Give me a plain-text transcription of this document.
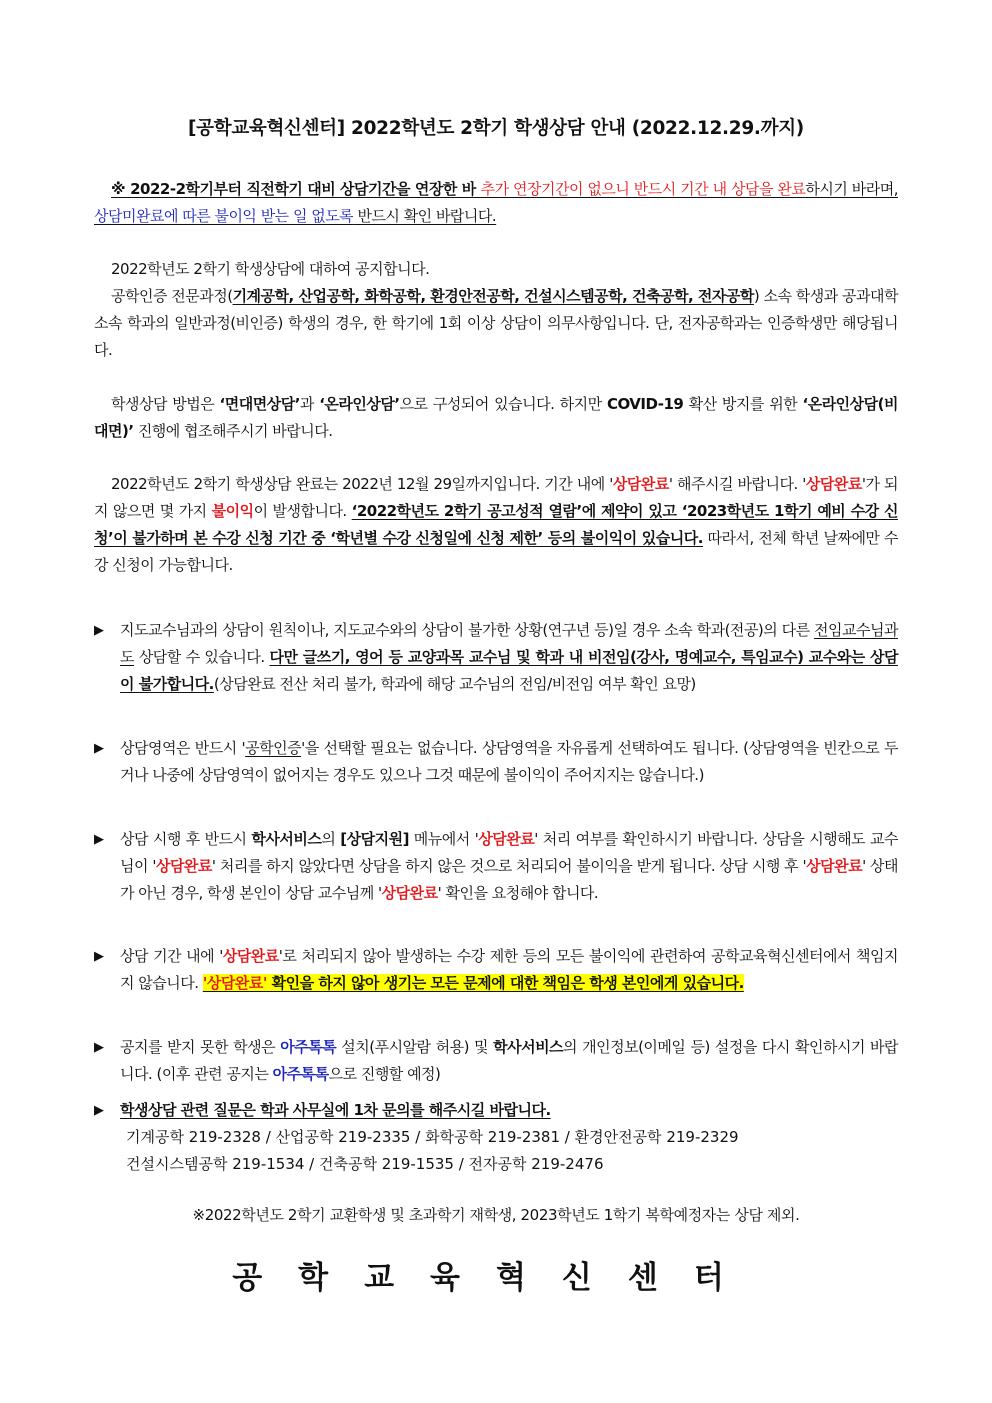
[공학교육혁신센터] 2022학년도 2학기 학생상담 안내 (2022.12.29.까지)
※ 2022-2학기부터 직전학기 대비 상담기간을 연장한 바 추가 연장기간이 없으니 반드시 기간 내 상담을 완료하시기 바라며, 상담미완료에 따른 불이익 받는 일 없도록 반드시 확인 바랍니다.
2022학년도 2학기 학생상담에 대하여 공지합니다.
공학인증 전문과정(기계공학, 산업공학, 화학공학, 환경안전공학, 건설시스템공학, 건축공학, 전자공학) 소속 학생과 공과대학 소속 학과의 일반과정(비인증) 학생의 경우, 한 학기에 1회 이상 상담이 의무사항입니다. 단, 전자공학과는 인증학생만 해당됩니다.
학생상담 방법은 ‘면대면상담’과 ‘온라인상담’으로 구성되어 있습니다. 하지만 COVID-19 확산 방지를 위한 ‘온라인상담(비대면)’ 진행에 협조해주시기 바랍니다.
2022학년도 2학기 학생상담 완료는 2022년 12월 29일까지입니다. 기간 내에 '상담완료' 해주시길 바랍니다. '상담완료'가 되지 않으면 몇 가지 불이익이 발생합니다. ‘2022학년도 2학기 공고성적 열람’에 제약이 있고 ‘2023학년도 1학기 예비 수강 신청’이 불가하며 본 수강 신청 기간 중 ‘학년별 수강 신청일에 신청 제한’ 등의 불이익이 있습니다. 따라서, 전체 학년 날짜에만 수강 신청이 가능합니다.
▶	지도교수님과의 상담이 원칙이나, 지도교수와의 상담이 불가한 상황(연구년 등)일 경우 소속 학과(전공)의 다른 전임교수님과도 상담할 수 있습니다. 다만 글쓰기, 영어 등 교양과목 교수님 및 학과 내 비전임(강사, 명예교수, 특임교수) 교수와는 상담이 불가합니다.(상담완료 전산 처리 불가, 학과에 해당 교수님의 전임/비전임 여부 확인 요망)
▶	상담영역은 반드시 '공학인증'을 선택할 필요는 없습니다. 상담영역을 자유롭게 선택하여도 됩니다. (상담영역을 빈칸으로 두거나 나중에 상담영역이 없어지는 경우도 있으나 그것 때문에 불이익이 주어지지는 않습니다.)
▶	상담 시행 후 반드시 학사서비스의 [상담지원] 메뉴에서 '상담완료' 처리 여부를 확인하시기 바랍니다. 상담을 시행해도 교수님이 '상담완료' 처리를 하지 않았다면 상담을 하지 않은 것으로 처리되어 불이익을 받게 됩니다. 상담 시행 후 '상담완료' 상태가 아닌 경우, 학생 본인이 상담 교수님께 '상담완료' 확인을 요청해야 합니다.
▶	상담 기간 내에 '상담완료'로 처리되지 않아 발생하는 수강 제한 등의 모든 불이익에 관련하여 공학교육혁신센터에서 책임지지 않습니다. '상담완료' 확인을 하지 않아 생기는 모든 문제에 대한 책임은 학생 본인에게 있습니다.
▶	공지를 받지 못한 학생은 아주톡톡 설치(푸시알람 허용) 및 학사서비스의 개인정보(이메일 등) 설정을 다시 확인하시기 바랍니다. (이후 관련 공지는 아주톡톡으로 진행할 예정)
▶	학생상담 관련 질문은 학과 사무실에 1차 문의를 해주시길 바랍니다.
기계공학 219-2328 / 산업공학 219-2335 / 화학공학 219-2381 / 환경안전공학 219-2329
건설시스템공학 219-1534 / 건축공학 219-1535 / 전자공학 219-2476
※2022학년도 2학기 교환학생 및 초과학기 재학생, 2023학년도 1학기 복학예정자는 상담 제외.
공학교육혁신센터
